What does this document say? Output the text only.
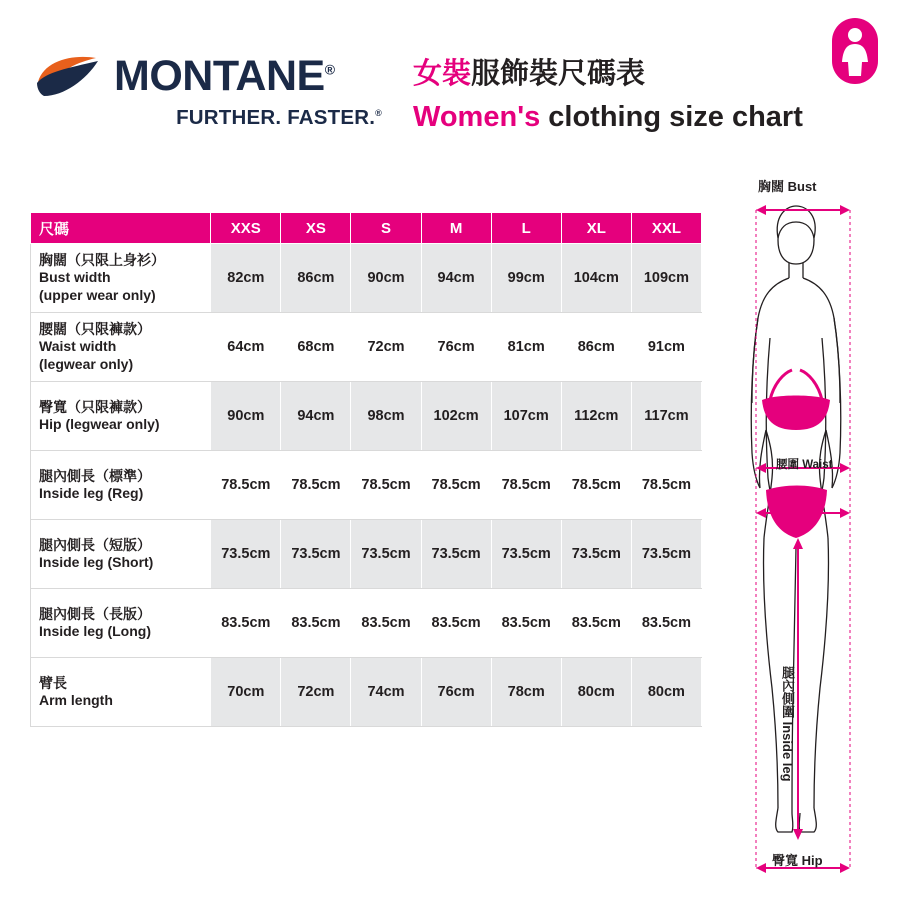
MONTANE®
FURTHER. FASTER.®
女裝服飾裝尺碼表
Women's clothing size chart
尺碼	XXS	XS	S	M	L	XL	XXL

胸闊（只限上身衫）
Bust width
(upper wear only)	82cm	86cm	90cm	94cm	99cm	104cm	109cm

腰闊（只限褲款）
Waist width
(legwear only)	64cm	68cm	72cm	76cm	81cm	86cm	91cm

臀寬（只限褲款）
Hip (legwear only)	90cm	94cm	98cm	102cm	107cm	112cm	117cm

腿內側長（標準）
Inside leg (Reg)	78.5cm	78.5cm	78.5cm	78.5cm	78.5cm	78.5cm	78.5cm

腿內側長（短版）
Inside leg (Short)	73.5cm	73.5cm	73.5cm	73.5cm	73.5cm	73.5cm	73.5cm

腿內側長（長版）
Inside leg (Long)	83.5cm	83.5cm	83.5cm	83.5cm	83.5cm	83.5cm	83.5cm

臂長
Arm length	70cm	72cm	74cm	76cm	78cm	80cm	80cm
胸闊 Bust
腰圍 Waist
腿內側圍 Inside leg
臀寬 Hip
